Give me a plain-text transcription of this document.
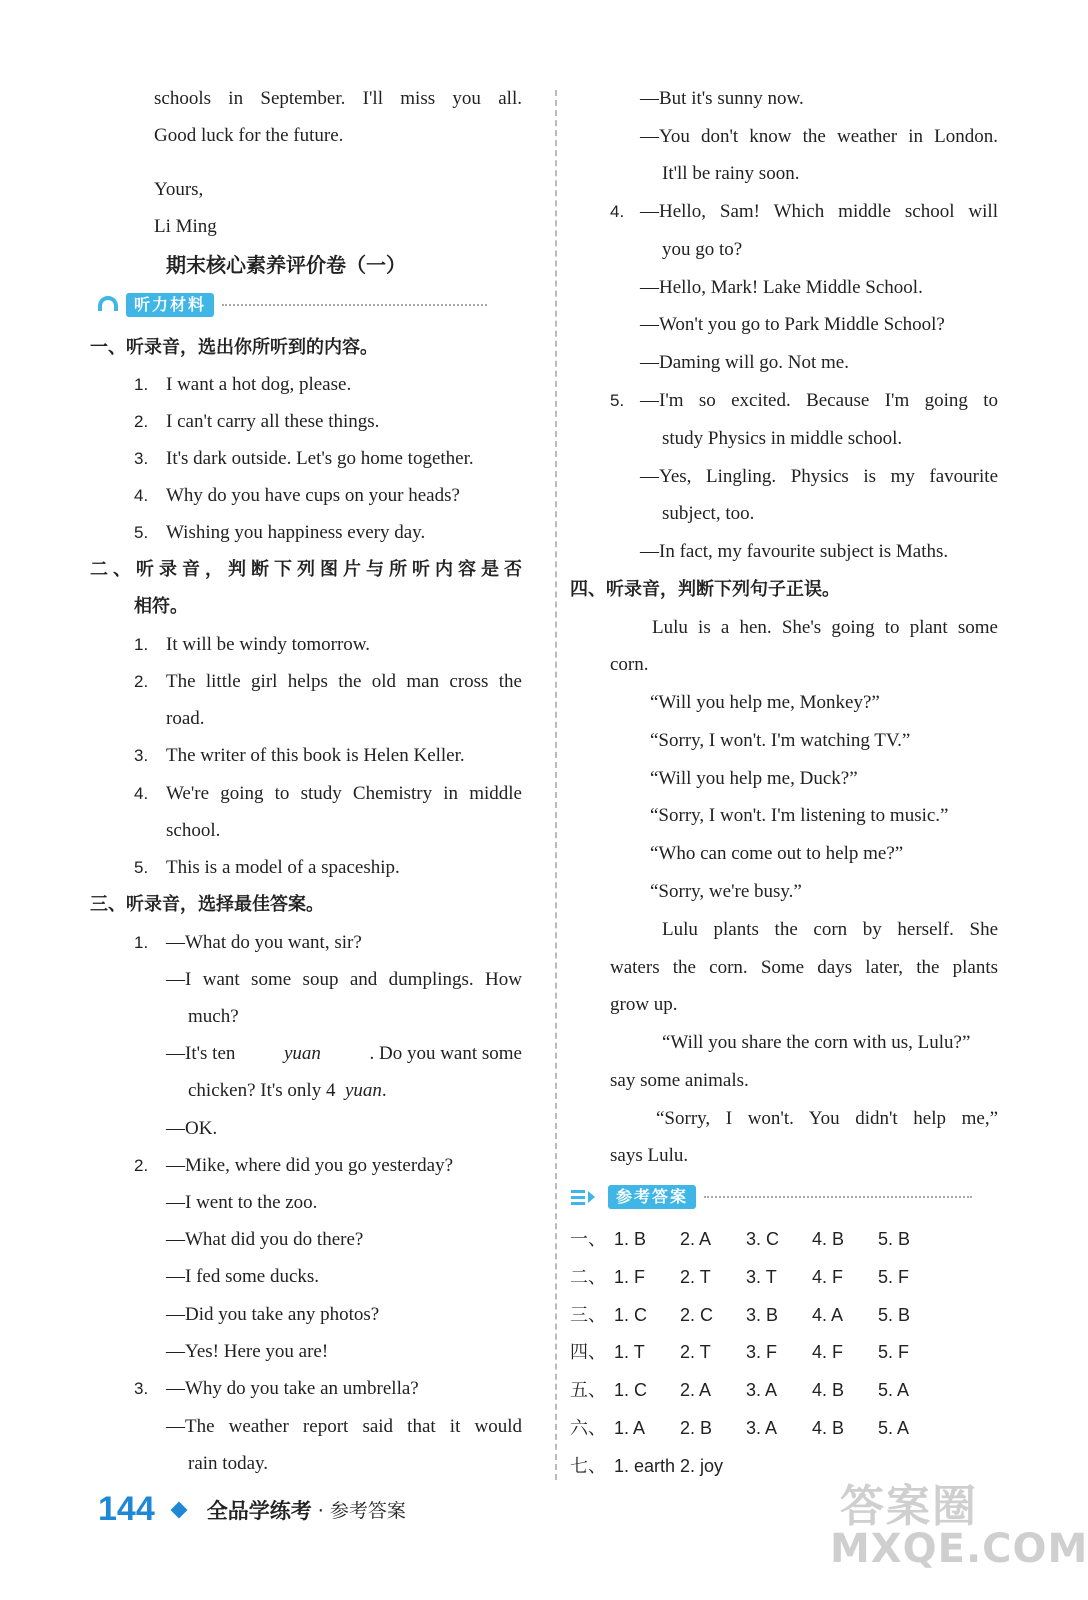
schools in September. I'll miss you all.
Good luck for the future.
Yours,
Li Ming
期末核心素养评价卷（一）
听力材料
一、听录音，选出你所听到的内容。
1. I want a hot dog, please.
2. I can't carry all these things.
3. It's dark outside. Let's go home together.
4. Why do you have cups on your heads?
5. Wishing you happiness every day.
二、听录音，判断下列图片与所听内容是否
相符。
1. It will be windy tomorrow.
2. The little girl helps the old man cross the
road.
3. The writer of this book is Helen Keller.
4. We're going to study Chemistry in middle
school.
5. This is a model of a spaceship.
三、听录音，选择最佳答案。
1. —What do you want, sir?
—I want some soup and dumplings. How
much?
—It's ten	yuan	. Do you want some
chicken? It's only 4 yuan.
—OK.
2. —Mike, where did you go yesterday?
—I went to the zoo.
—What did you do there?
—I fed some ducks.
—Did you take any photos?
—Yes! Here you are!
3. —Why do you take an umbrella?
—The weather report said that it would
rain today.
—But it's sunny now.
—You don't know the weather in London.
It'll be rainy soon.
4. —Hello, Sam! Which middle school will
you go to?
—Hello, Mark! Lake Middle School.
—Won't you go to Park Middle School?
—Daming will go. Not me.
5. —I'm so excited. Because I'm going to
study Physics in middle school.
—Yes, Lingling. Physics is my favourite
subject, too.
—In fact, my favourite subject is Maths.
四、听录音，判断下列句子正误。
Lulu is a hen. She's going to plant some
corn.
“Will you help me, Monkey?”
“Sorry, I won't. I'm watching TV.”
“Will you help me, Duck?”
“Sorry, I won't. I'm listening to music.”
“Who can come out to help me?”
“Sorry, we're busy.”
Lulu plants the corn by herself. She
waters the corn. Some days later, the plants
grow up.
“Will you share the corn with us, Lulu?”
say some animals.
“Sorry, I won't. You didn't help me,”
says Lulu.
参考答案
一、 1. B 2. A 3. C 4. B 5. B
二、 1. F 2. T 3. T 4. F 5. F
三、 1. C 2. C 3. B 4. A 5. B
四、 1. T 2. T 3. F 4. F 5. F
五、 1. C 2. A 3. A 4. B 5. A
六、 1. A 2. B 3. A 4. B 5. A
七、 1. earth 2. joy
144 全品学练考 · 参考答案	答案圈
MXQE.COM
